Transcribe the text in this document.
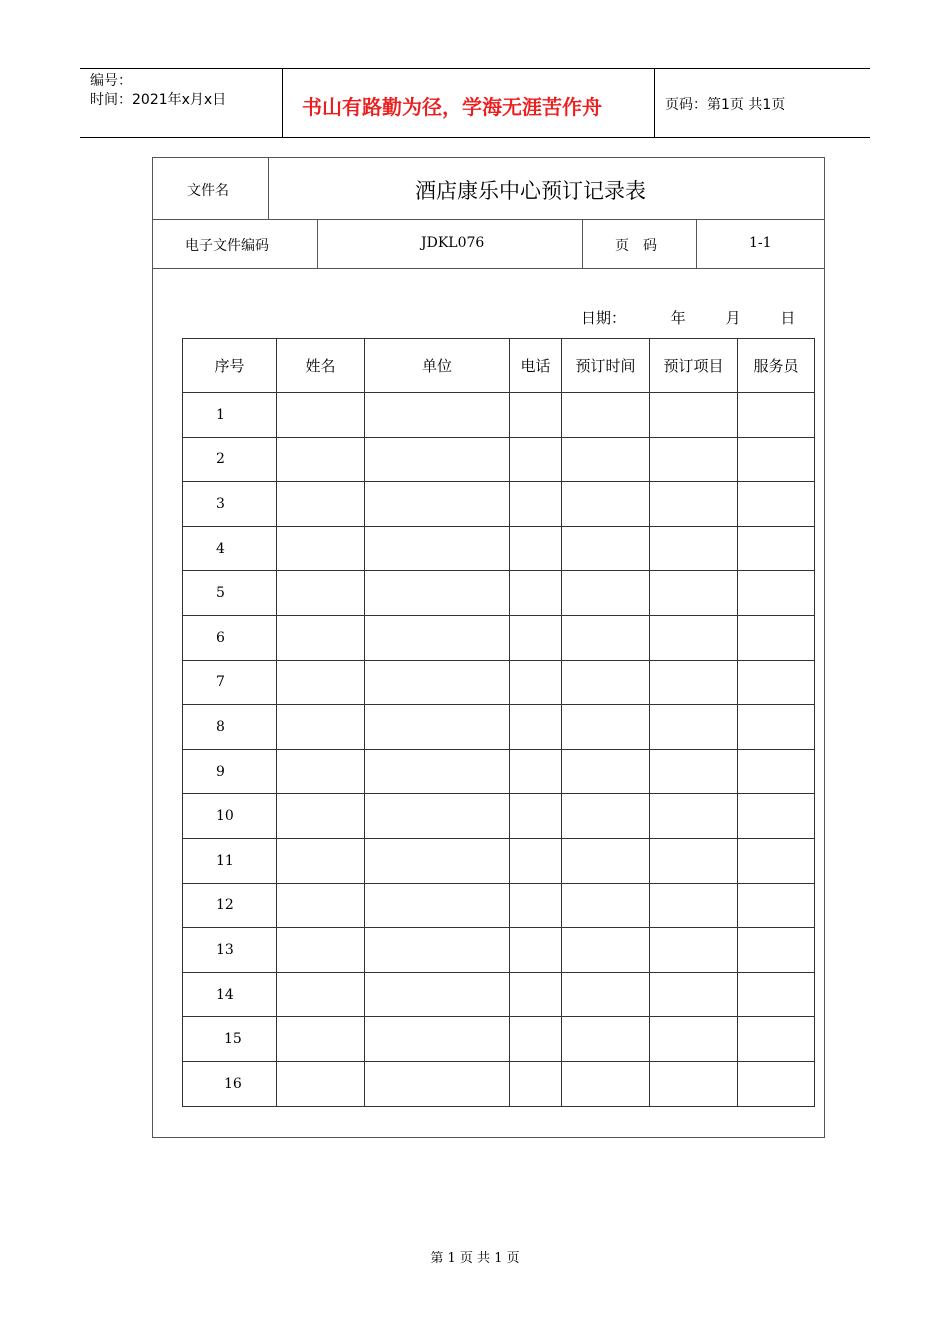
编号：
时间：2021年x月x日	书山有路勤为径，学海无涯苦作舟	页码：第1页 共1页
文件名	酒店康乐中心预订记录表
电子文件编码	JDKL076	页　码	1-1
日期：	年	月	日
序号	姓名	单位	电话	预订时间	预订项目	服务员
1						
2						
3						
4						
5						
6						
7						
8						
9						
10						
11						
12						
13						
14						
15						
16						
第 1 页 共 1 页
